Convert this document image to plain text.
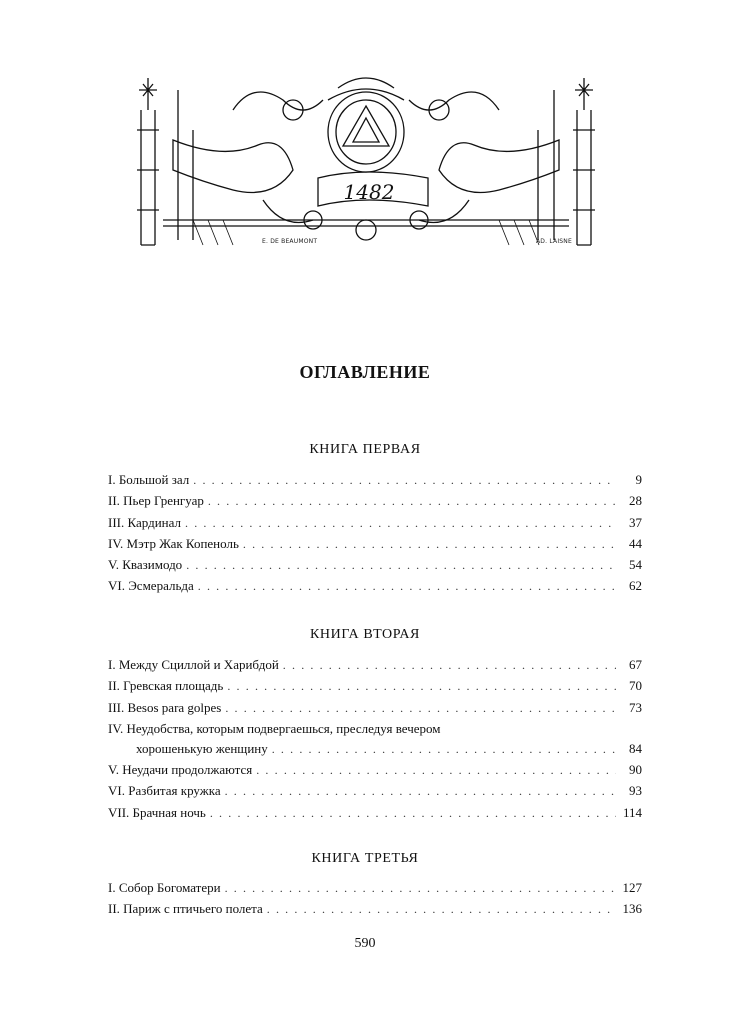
1482
E. DE BEAUMONT	AD. LAISNE
ОГЛАВЛЕНИЕ
КНИГА ПЕРВАЯ
I. Большой зал . . .	9
II. Пьер Гренгуар . . .	28
III. Кардинал . . .	37
IV. Мэтр Жак Копеноль . . .	44
V. Квазимодо . . .	54
VI. Эсмеральда . . .	62
КНИГА ВТОРАЯ
I. Между Сциллой и Харибдой . . .	67
II. Гревская площадь . . .	70
III. Besos para golpes . . .	73
IV. Неудобства, которым подвергаешься, преследуя вечером
хорошенькую женщину . . .	84
V. Неудачи продолжаются . . .	90
VI. Разбитая кружка . . .	93
VII. Брачная ночь . . .	114
КНИГА ТРЕТЬЯ
I. Собор Богоматери . . .	127
II. Париж с птичьего полета . . .	136
590
